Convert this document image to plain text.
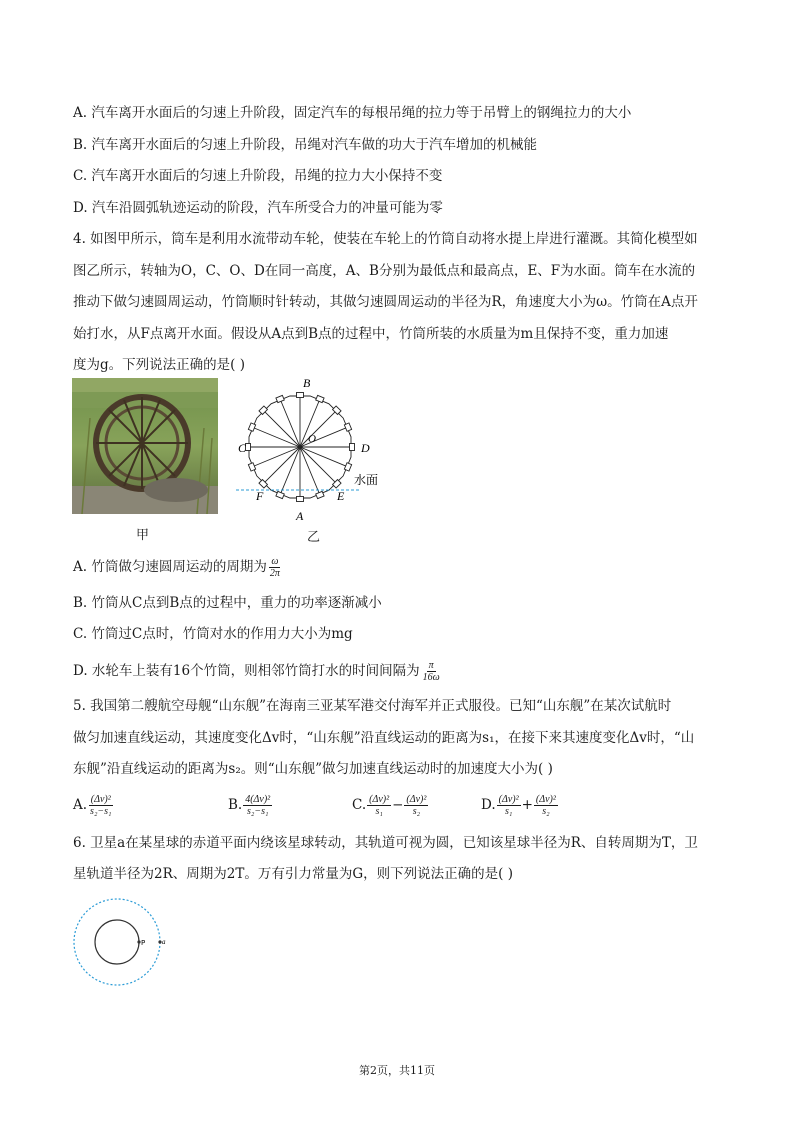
A. 汽车离开水面后的匀速上升阶段，固定汽车的每根吊绳的拉力等于吊臂上的钢绳拉力的大小
B. 汽车离开水面后的匀速上升阶段，吊绳对汽车做的功大于汽车增加的机械能
C. 汽车离开水面后的匀速上升阶段，吊绳的拉力大小保持不变
D. 汽车沿圆弧轨迹运动的阶段，汽车所受合力的冲量可能为零
4. 如图甲所示，筒车是利用水流带动车轮，使装在车轮上的竹筒自动将水提上岸进行灌溉。其简化模型如
图乙所示，转轴为O，C、O、D在同一高度，A、B分别为最低点和最高点，E、F为水面。筒车在水流的
推动下做匀速圆周运动，竹筒顺时针转动，其做匀速圆周运动的半径为R，角速度大小为ω。竹筒在A点开
始打水，从F点离开水面。假设从A点到B点的过程中，竹筒所装的水质量为m且保持不变，重力加速
度为g。下列说法正确的是( )
甲
B
C	D
O
F	E
A
水面
乙
A. 竹筒做匀速圆周运动的周期为 $\frac{\omega}{2\pi}$
B. 竹筒从C点到B点的过程中，重力的功率逐渐减小
C. 竹筒过C点时，竹筒对水的作用力大小为mg
D. 水轮车上装有16个竹筒，则相邻竹筒打水的时间间隔为 $\frac{\pi}{16\omega}$
5. 我国第二艘航空母舰“山东舰”在海南三亚某军港交付海军并正式服役。已知“山东舰”在某次试航时
做匀加速直线运动，其速度变化Δv时，“山东舰”沿直线运动的距离为s₁，在接下来其速度变化Δv时，“山
东舰”沿直线运动的距离为s₂。则“山东舰”做匀加速直线运动时的加速度大小为( )
A. $\frac{\text{(Δv)²}}{\text{s₂−s₁}}$	B. $\frac{\text{4(Δv)²}}{\text{s₂−s₁}}$	C. $\frac{\text{(Δv)²}}{\text{s₁}} - \frac{\text{(Δv)²}}{\text{s₂}}$	D. $\frac{\text{(Δv)²}}{\text{s₁}} + \frac{\text{(Δv)²}}{\text{s₂}}$
6. 卫星a在某星球的赤道平面内绕该星球转动，其轨道可视为圆，已知该星球半径为R、自转周期为T，卫
星轨道半径为2R、周期为2T。万有引力常量为G，则下列说法正确的是( )
P a
第2页，共11页
